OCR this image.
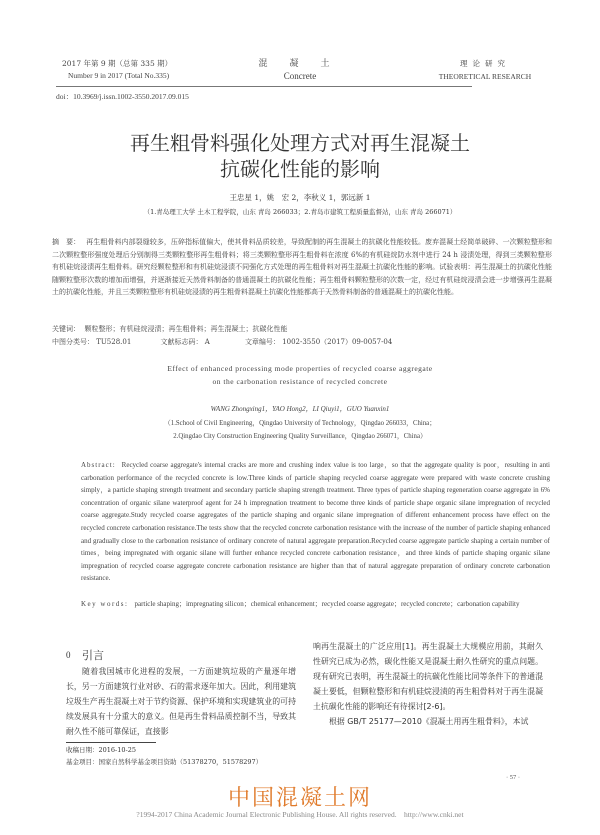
2017 年第 9 期（总第 335 期）
Number 9 in 2017 (Total No.335)
混凝土
Concrete
理论研究
THEORETICAL RESEARCH
doi：10.3969/j.issn.1002-3550.2017.09.015
再生粗骨料强化处理方式对再生混凝土
抗碳化性能的影响
王忠星 1，姚　宏 2，李秋义 1，郭远新 1
（1.青岛理工大学 土木工程学院，山东 青岛 266033；2.青岛市建筑工程质量监督站，山东 青岛 266071）
摘　要： 再生粗骨料内部裂缝较多，压碎指标值偏大，使其骨料品质较差，导致配制的再生混凝土的抗碳化性能较低。废弃混凝土经简单破碎、一次颗粒整形和二次颗粒整形强度处理后分别制得三类颗粒整形再生粗骨料；将三类颗粒整形再生粗骨料在浓度 6%的有机硅烷防水剂中进行 24 h 浸渍处理，得到三类颗粒整形有机硅烷浸渍再生粗骨料。研究经颗粒整形和有机硅烷浸渍不同强化方式处理的再生粗骨料对再生混凝土抗碳化性能的影响。试验表明：再生混凝土的抗碳化性能随颗粒整形次数的增加而增强，并逐渐接近天然骨料制备的普通混凝土的抗碳化性能；再生粗骨料颗粒整形的次数一定，经过有机硅烷浸渍会进一步增强再生混凝土的抗碳化性能，并且三类颗粒整形有机硅烷浸渍的再生粗骨料混凝土抗碳化性能都高于天然骨料制备的普通混凝土的抗碳化性能。
关键词： 颗粒整形；有机硅烷浸渍；再生粗骨料；再生混凝土；抗碳化性能
中图分类号： TU528.01	文献标志码： A	文章编号： 1002-3550（2017）09-0057-04
Effect of enhanced processing mode properties of recycled coarse aggregate
on the carbonation resistance of recycled concrete
WANG Zhongxing1，YAO Hong2，LI Qiuyi1，GUO Yuanxin1
（1.School of Civil Engineering，Qingdao University of Technology，Qingdao 266033，China；
2.Qingdao City Construction Engineering Quality Surveillance，Qingdao 266071，China）
Abstract: Recycled coarse aggregate's internal cracks are more and crushing index value is too large，so that the aggregate quality is poor，resulting in anti carbonation performance of the recycled concrete is low.Three kinds of particle shaping recycled coarse aggregate were prepared with waste concrete crushing simply，a particle shaping strength treatment and secondary particle shaping strength treatment. Three types of particle shaping regeneration coarse aggregate in 6% concentration of organic silane waterproof agent for 24 h impregnation treatment to become three kinds of particle shape organic silane impregnation of recycled coarse aggregate.Study recycled coarse aggregates of the particle shaping and organic silane impregnation of different enhancement process have effect on the recycled concrete carbonation resistance.The tests show that the recycled concrete carbonation resistance with the increase of the number of particle shaping enhanced and gradually close to the carbonation resistance of ordinary concrete of natural aggregate preparation.Recycled coarse aggregate particle shaping a certain number of times，being impregnated with organic silane will further enhance recycled concrete carbonation resistance，and three kinds of particle shaping organic silane impregnation of recycled coarse aggregate concrete carbonation resistance are higher than that of natural aggregate preparation of ordinary concrete carbonation resistance.
Key words: particle shaping；impregnating silicon；chemical enhancement；recycled coarse aggregate；recycled concrete；carbonation capability
0 引言
随着我国城市化进程的发展，一方面建筑垃圾的产量逐年增长，另一方面建筑行业对砂、石的需求逐年加大。因此，利用建筑垃圾生产再生混凝土对于节约资源、保护环境和实现建筑业的可持续发展具有十分重大的意义。但是再生骨料品质控制不当，导致其耐久性不能可靠保证，直接影
响再生混凝土的广泛应用[1]。再生混凝土大规模应用前，其耐久性研究已成为必然，碳化性能又是混凝土耐久性研究的重点问题。现有研究已表明，再生混凝土的抗碳化性能比同等条件下的普通混凝土要低，但颗粒整形和有机硅烷浸渍的再生粗骨料对于再生混凝土抗碳化性能的影响还有待探讨[2-6]。
根据 GB/T 25177—2010《混凝土用再生粗骨料》，本试
收稿日期：2016-10-25
基金项目：国家自然科学基金项目资助（51378270，51578297）
· 57 ·
中国混凝土网
?1994-2017 China Academic Journal Electronic Publishing House. All rights reserved.　http://www.cnki.net
